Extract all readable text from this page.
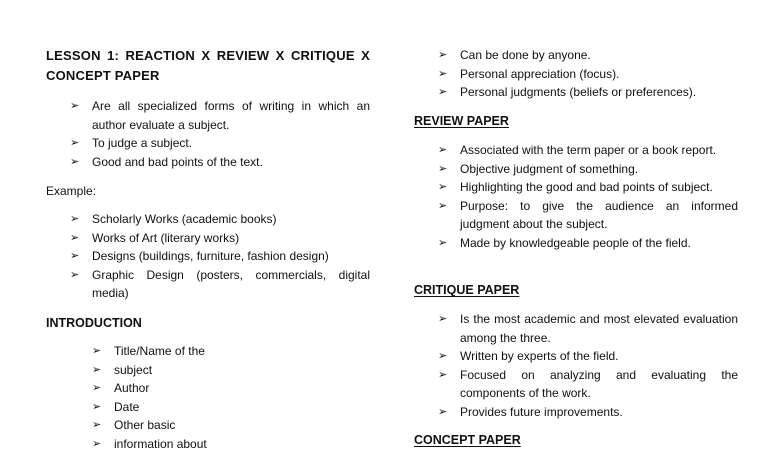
LESSON 1: REACTION X REVIEW X CRITIQUE X CONCEPT PAPER
➢	Are all specialized forms of writing in which an author evaluate a subject.
➢	To judge a subject.
➢	Good and bad points of the text.

Example:

➢	Scholarly Works (academic books)
➢	Works of Art (literary works)
➢	Designs (buildings, furniture, fashion design)
➢	Graphic Design (posters, commercials, digital media)
INTRODUCTION
➢	Title/Name of the
➢	subject
➢	Author
➢	Date
➢	Other basic
➢	information about
➢	Can be done by anyone.
➢	Personal appreciation (focus).
➢	Personal judgments (beliefs or preferences).
REVIEW PAPER
➢	Associated with the term paper or a book report.
➢	Objective judgment of something.
➢	Highlighting the good and bad points of subject.
➢	Purpose: to give the audience an informed judgment about the subject.
➢	Made by knowledgeable people of the field.
CRITIQUE PAPER
➢	Is the most academic and most elevated evaluation among the three.
➢	Written by experts of the field.
➢	Focused on analyzing and evaluating the components of the work.
➢	Provides future improvements.
CONCEPT PAPER
